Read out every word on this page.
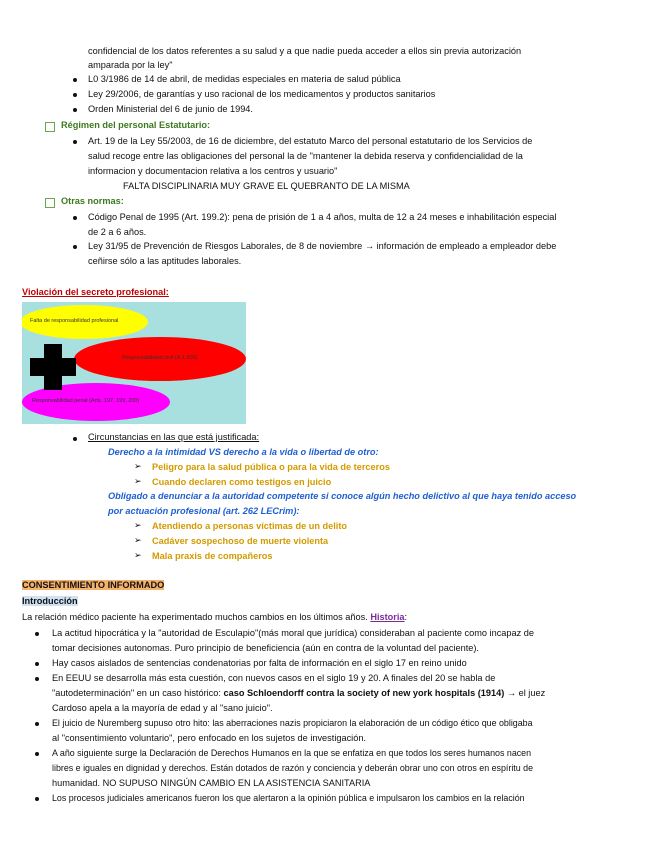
confidencial de los datos referentes a su salud y a que nadie pueda acceder a ellos sin previa autorización
amparada por la ley"
L0 3/1986 de 14 de abril, de medidas especiales en materia de salud pública
Ley 29/2006, de garantías y uso racional de los medicamentos y productos sanitarios
Orden Ministerial del 6 de junio de 1994.
Régimen del personal Estatutario:
Art. 19 de la Ley 55/2003, de 16 de diciembre, del estatuto Marco del personal estatutario de los Servicios de
salud recoge entre las obligaciones del personal la de "mantener la debida reserva y confidencialidad de la
informacion y documentacion relativa a los centros y usuario"
FALTA DISCIPLINARIA MUY GRAVE EL QUEBRANTO DE LA MISMA
Otras normas:
Código Penal de 1995 (Art. 199.2): pena de prisión de 1 a 4 años, multa de 12 a 24 meses e inhabilitación especial
de 2 a 6 años.
Ley 31/95 de Prevención de Riesgos Laborales, de 8 de noviembre → información de empleado a empleador debe
ceñirse sólo a las aptitudes laborales.
Violación del secreto profesional:
Falta de responsabilidad profesional
Responsabilidad civil (A.1.902)
Responsabilidad penal (Arts. 197, 199, 200)
Circunstancias en las que está justificada:
Derecho a la intimidad VS derecho a la vida o libertad de otro:
➢ Peligro para la salud pública o para la vida de terceros
➢ Cuando declaren como testigos en juicio
Obligado a denunciar a la autoridad competente si conoce algún hecho delictivo al que haya tenido acceso
por actuación profesional (art. 262 LECrim):
➢ Atendiendo a personas víctimas de un delito
➢ Cadáver sospechoso de muerte violenta
➢ Mala praxis de compañeros
CONSENTIMIENTO INFORMADO
Introducción
La relación médico paciente ha experimentado muchos cambios en los últimos años. Historia:
La actitud hipocrática y la "autoridad de Esculapio"(más moral que jurídica) consideraban al paciente como incapaz de
tomar decisiones autonomas. Puro principio de beneficiencia (aún en contra de la voluntad del paciente).
Hay casos aislados de sentencias condenatorias por falta de información en el siglo 17 en reino unido
En EEUU se desarrolla más esta cuestión, con nuevos casos en el siglo 19 y 20. A finales del 20 se habla de
"autodeterminación" en un caso histórico: caso Schloendorff contra la society of new york hospitals (1914) → el juez
Cardoso apela a la mayoría de edad y al "sano juicio".
El juicio de Nuremberg supuso otro hito: las aberraciones nazis propiciaron la elaboración de un código ético que obligaba
al "consentimiento voluntario", pero enfocado en los sujetos de investigación.
A año siguiente surge la Declaración de Derechos Humanos en la que se enfatiza en que todos los seres humanos nacen
libres e iguales en dignidad y derechos. Están dotados de razón y conciencia y deberán obrar uno con otros en espíritu de
humanidad. NO SUPUSO NINGÚN CAMBIO EN LA ASISTENCIA SANITARIA
Los procesos judiciales americanos fueron los que alertaron a la opinión pública e impulsaron los cambios en la relación
